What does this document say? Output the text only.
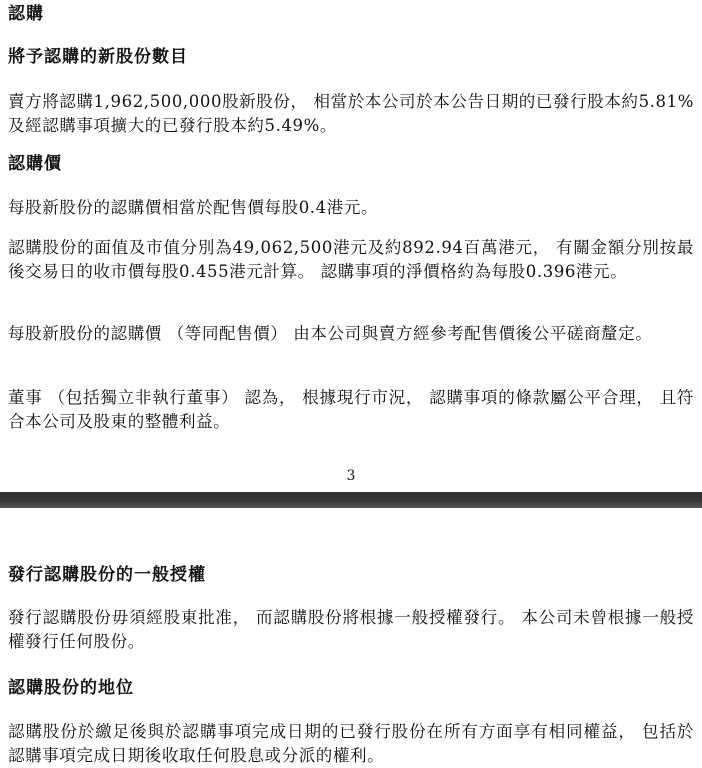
認購
將予認購的新股份數目

賣方將認購1,962,500,000股新股份， 相當於本公司於本公告日期的已發行股本約5.81%及經認購事項擴大的已發行股本約5.49%。

認購價

每股新股份的認購價相當於配售價每股0.4港元。

認購股份的面值及市值分別為49,062,500港元及約892.94百萬港元， 有關金額分別按最後交易日的收市價每股0.455港元計算。 認購事項的淨價格約為每股0.396港元。

每股新股份的認購價 （等同配售價） 由本公司與賣方經參考配售價後公平磋商釐定。

董事 （包括獨立非執行董事） 認為， 根據現行市況， 認購事項的條款屬公平合理， 且符合本公司及股東的整體利益。

3
發行認購股份的一般授權

發行認購股份毋須經股東批准， 而認購股份將根據一般授權發行。 本公司未曾根據一般授權發行任何股份。

認購股份的地位

認購股份於繳足後與於認購事項完成日期的已發行股份在所有方面享有相同權益， 包括於認購事項完成日期後收取任何股息或分派的權利。
